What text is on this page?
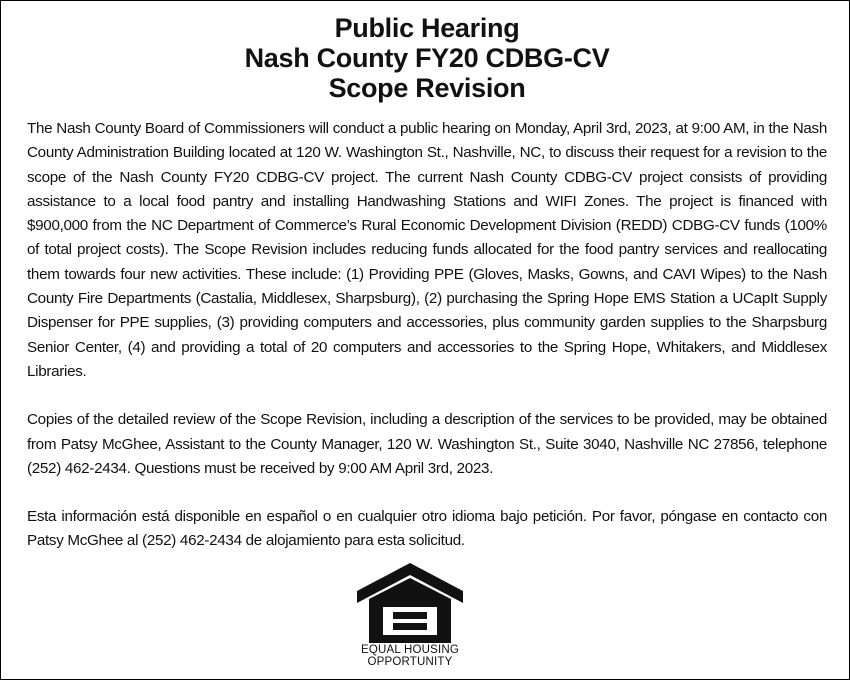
Public Hearing
Nash County FY20 CDBG-CV
Scope Revision

The Nash County Board of Commissioners will conduct a public hearing on Monday, April 3rd, 2023, at 9:00 AM, in the Nash County Administration Building located at 120 W. Washington St., Nashville, NC, to discuss their request for a revision to the scope of the Nash County FY20 CDBG-CV project. The current Nash County CDBG-CV project consists of providing assistance to a local food pantry and installing Handwashing Stations and WIFI Zones. The project is financed with $900,000 from the NC Department of Commerce’s Rural Economic Development Division (REDD) CDBG-CV funds (100% of total project costs). The Scope Revision includes reducing funds allocated for the food pantry services and reallocating them towards four new activities. These include: (1) Providing PPE (Gloves, Masks, Gowns, and CAVI Wipes) to the Nash County Fire Departments (Castalia, Middlesex, Sharpsburg), (2) purchasing the Spring Hope EMS Station a UCapIt Supply Dispenser for PPE supplies, (3) providing computers and accessories, plus community garden supplies to the Sharpsburg Senior Center, (4) and providing a total of 20 computers and accessories to the Spring Hope, Whitakers, and Middlesex Libraries.

Copies of the detailed review of the Scope Revision, including a description of the services to be provided, may be obtained from Patsy McGhee, Assistant to the County Manager, 120 W. Washington St., Suite 3040, Nashville NC 27856, telephone (252) 462-2434. Questions must be received by 9:00 AM April 3rd, 2023.

Esta información está disponible en español o en cualquier otro idioma bajo petición. Por favor, póngase en contacto con Patsy McGhee al (252) 462-2434 de alojamiento para esta solicitud.

EQUAL HOUSING
OPPORTUNITY
